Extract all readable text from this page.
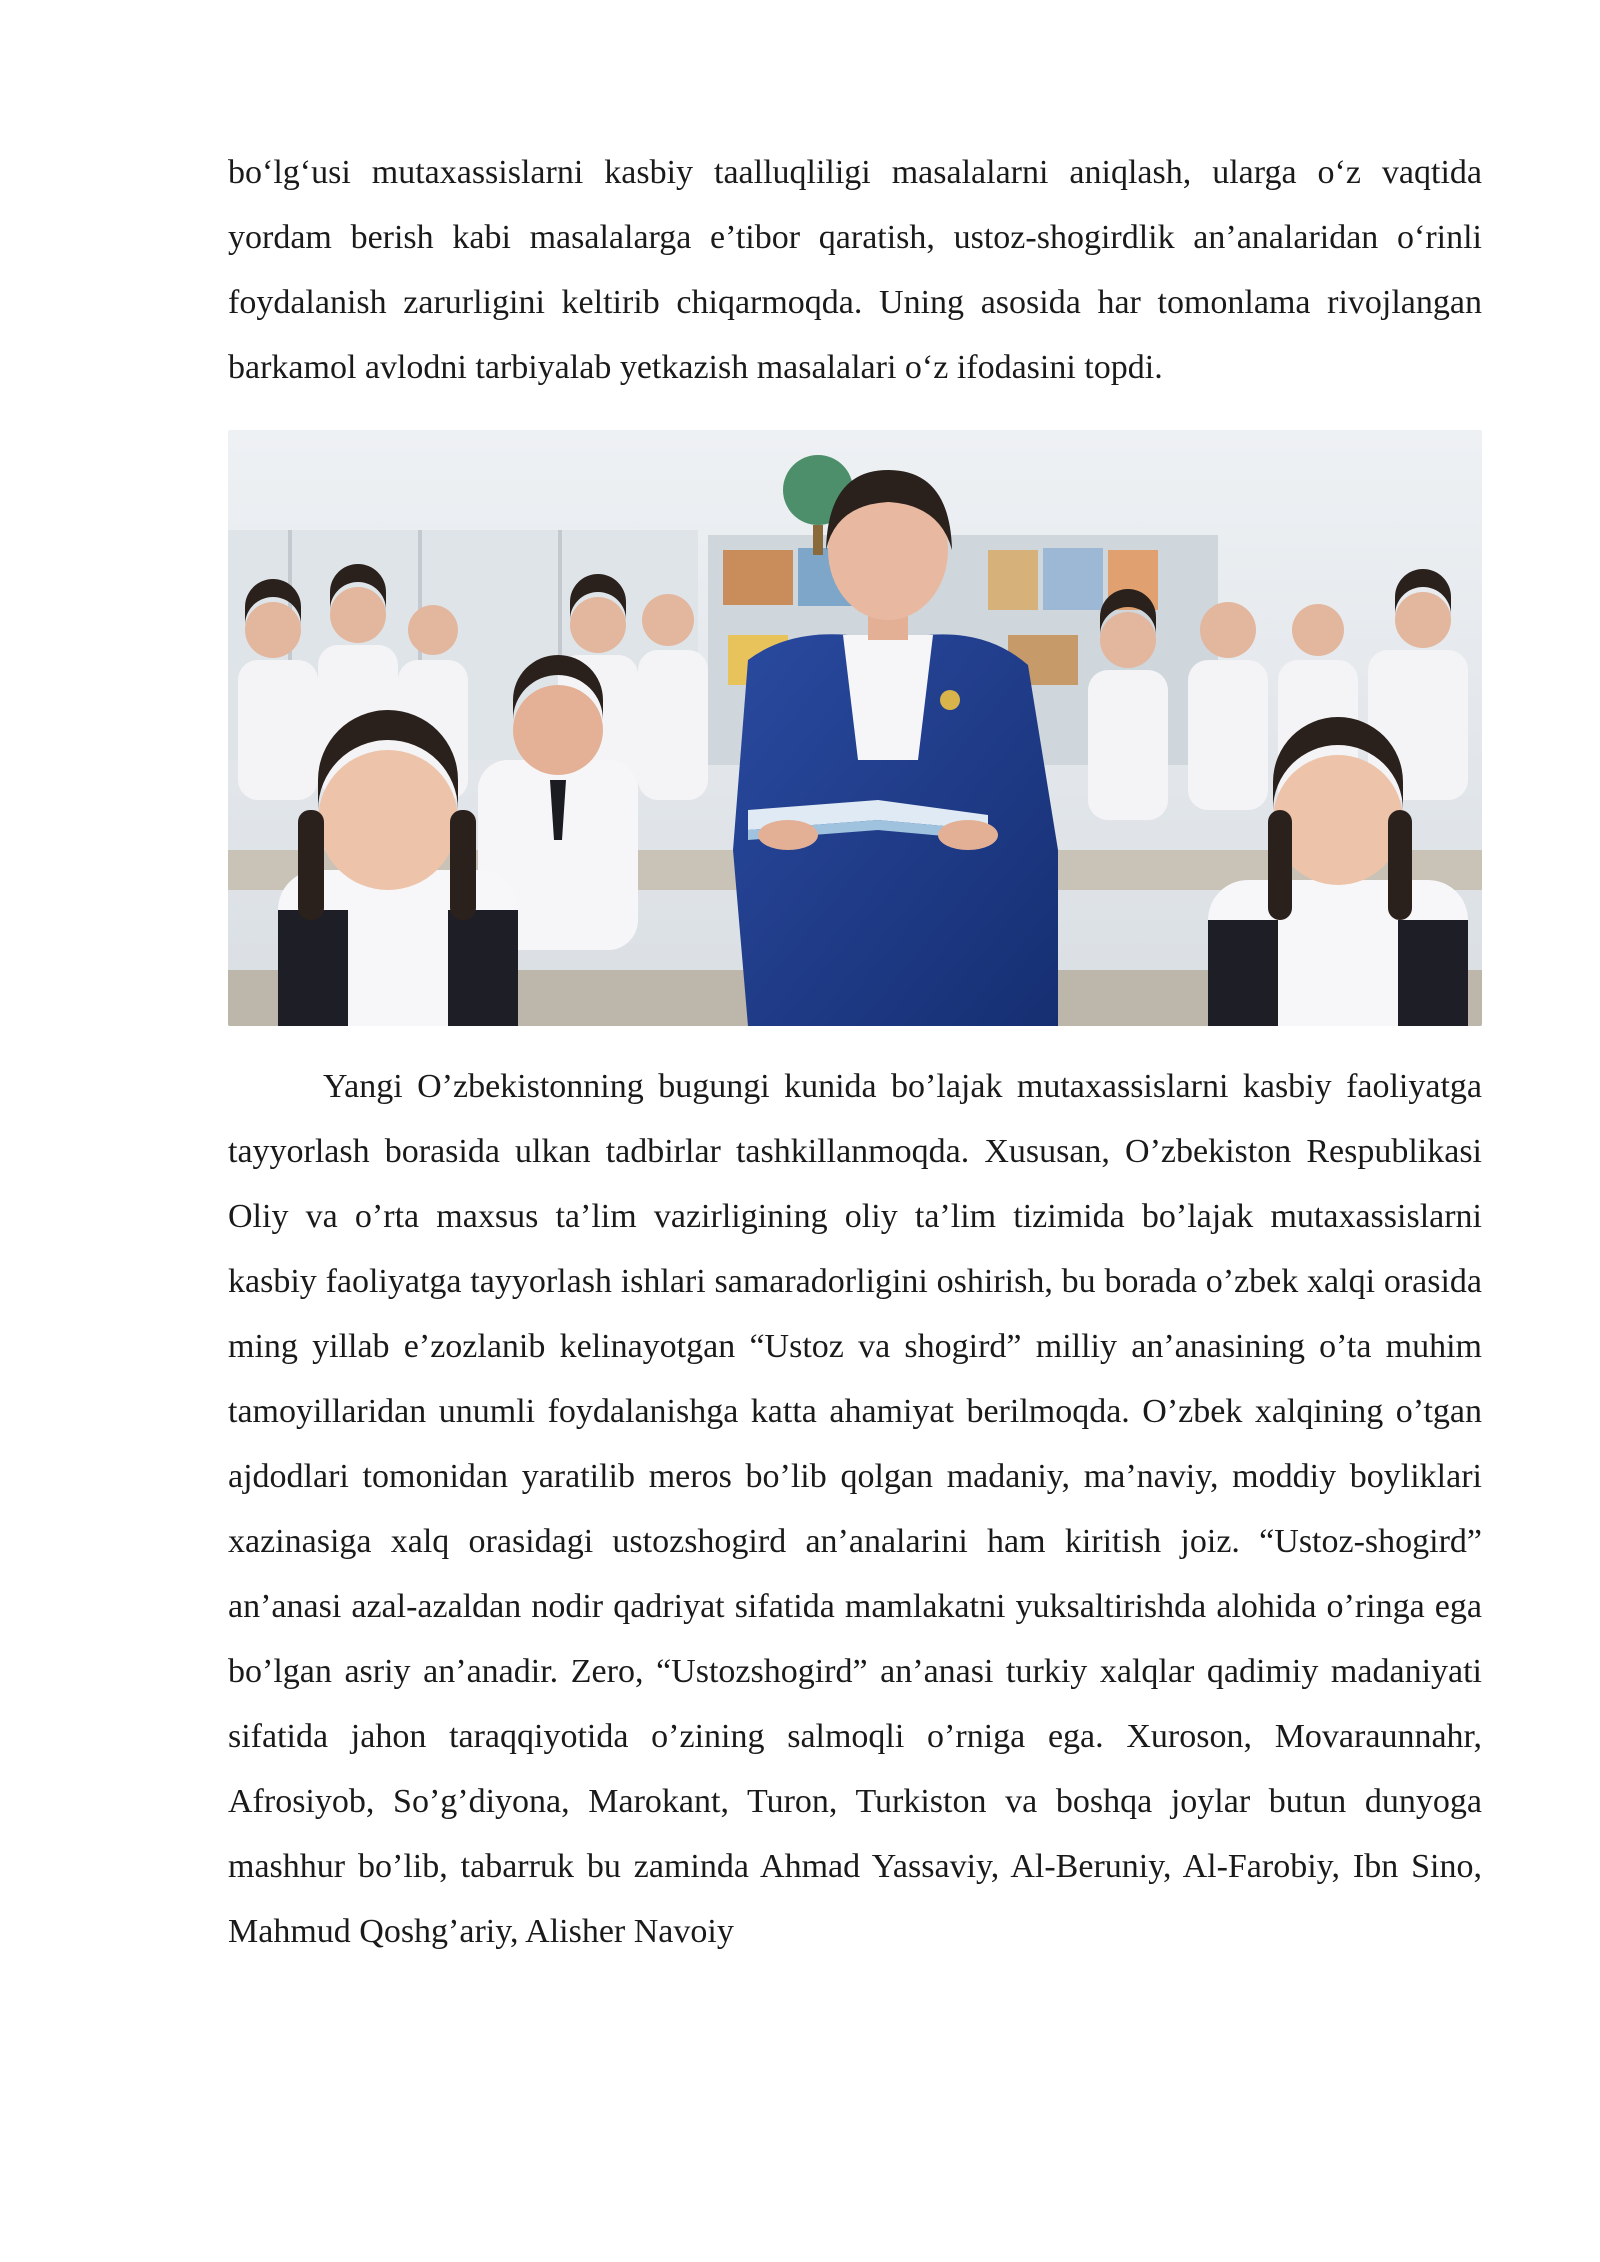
bo‘lg‘usi mutaxassislarni kasbiy taalluqliligi masalalarni aniqlash, ularga o‘z vaqtida yordam berish kabi masalalarga e’tibor qaratish, ustoz-shogirdlik an’analaridan o‘rinli foydalanish zarurligini keltirib chiqarmoqda. Uning asosida har tomonlama rivojlangan barkamol avlodni tarbiyalab yetkazish masalalari o‘z ifodasini topdi.

Yangi O’zbekistonning bugungi kunida bo’lajak mutaxassislarni kasbiy faoliyatga tayyorlash borasida ulkan tadbirlar tashkillanmoqda. Xususan, O’zbekiston Respublikasi Oliy va o’rta maxsus ta’lim vazirligining oliy ta’lim tizimida bo’lajak mutaxassislarni kasbiy faoliyatga tayyorlash ishlari samaradorligini oshirish, bu borada o’zbek xalqi orasida ming yillab e’zozlanib kelinayotgan “Ustoz va shogird” milliy an’anasining o’ta muhim tamoyillaridan unumli foydalanishga katta ahamiyat berilmoqda. O’zbek xalqining o’tgan ajdodlari tomonidan yaratilib meros bo’lib qolgan madaniy, ma’naviy, moddiy boyliklari xazinasiga xalq orasidagi ustozshogird an’analarini ham kiritish joiz. “Ustoz-shogird” an’anasi azal-azaldan nodir qadriyat sifatida mamlakatni yuksaltirishda alohida o’ringa ega bo’lgan asriy an’anadir. Zero, “Ustozshogird” an’anasi turkiy xalqlar qadimiy madaniyati sifatida jahon taraqqiyotida o’zining salmoqli o’rniga ega. Xuroson, Movaraunnahr, Afrosiyob, So’g’diyona, Marokant, Turon, Turkiston va boshqa joylar butun dunyoga mashhur bo’lib, tabarruk bu zaminda Ahmad Yassaviy, Al-Beruniy, Al-Farobiy, Ibn Sino, Mahmud Qoshg’ariy, Alisher Navoiy
